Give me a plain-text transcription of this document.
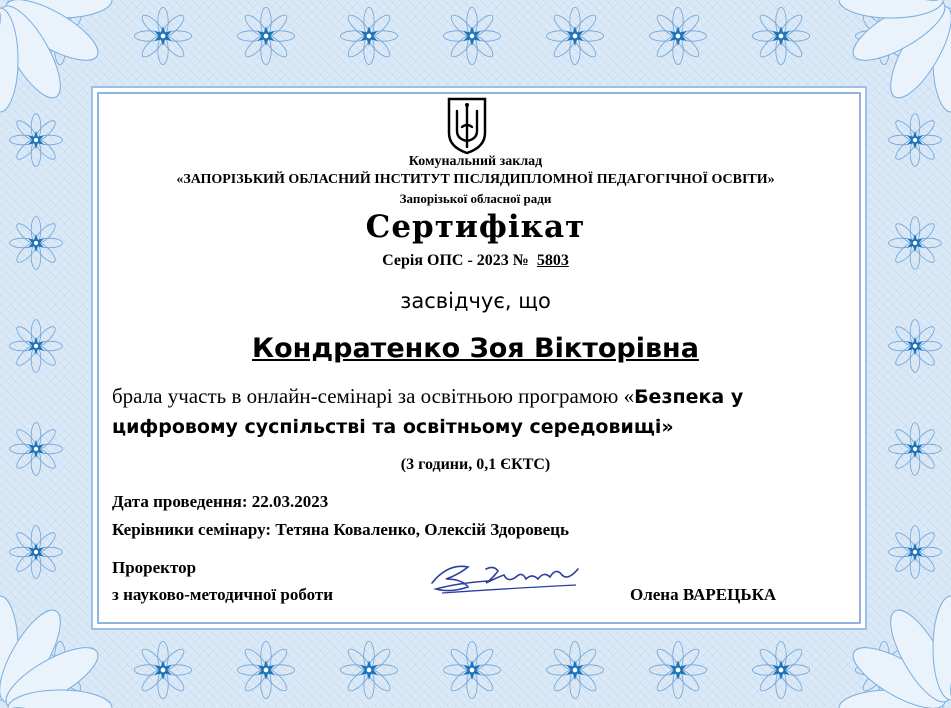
Комунальний заклад
«ЗАПОРІЗЬКИЙ ОБЛАСНИЙ ІНСТИТУТ ПІСЛЯДИПЛОМНОЇ ПЕДАГОГІЧНОЇ ОСВІТИ»
Запорізької обласної ради
Сертифікат
Серія ОПС - 2023 № 5803
засвідчує, що
Кондратенко Зоя Вікторівна
брала участь в онлайн-семінарі за освітньою програмою «Безпека у цифровому суспільстві та освітньому середовищі»
(3 години, 0,1 ЄКТС)
Дата проведення: 22.03.2023
Керівники семінару: Тетяна Коваленко, Олексій Здоровець
Проректор
з науково-методичної роботи	Олена ВАРЕЦЬКА
